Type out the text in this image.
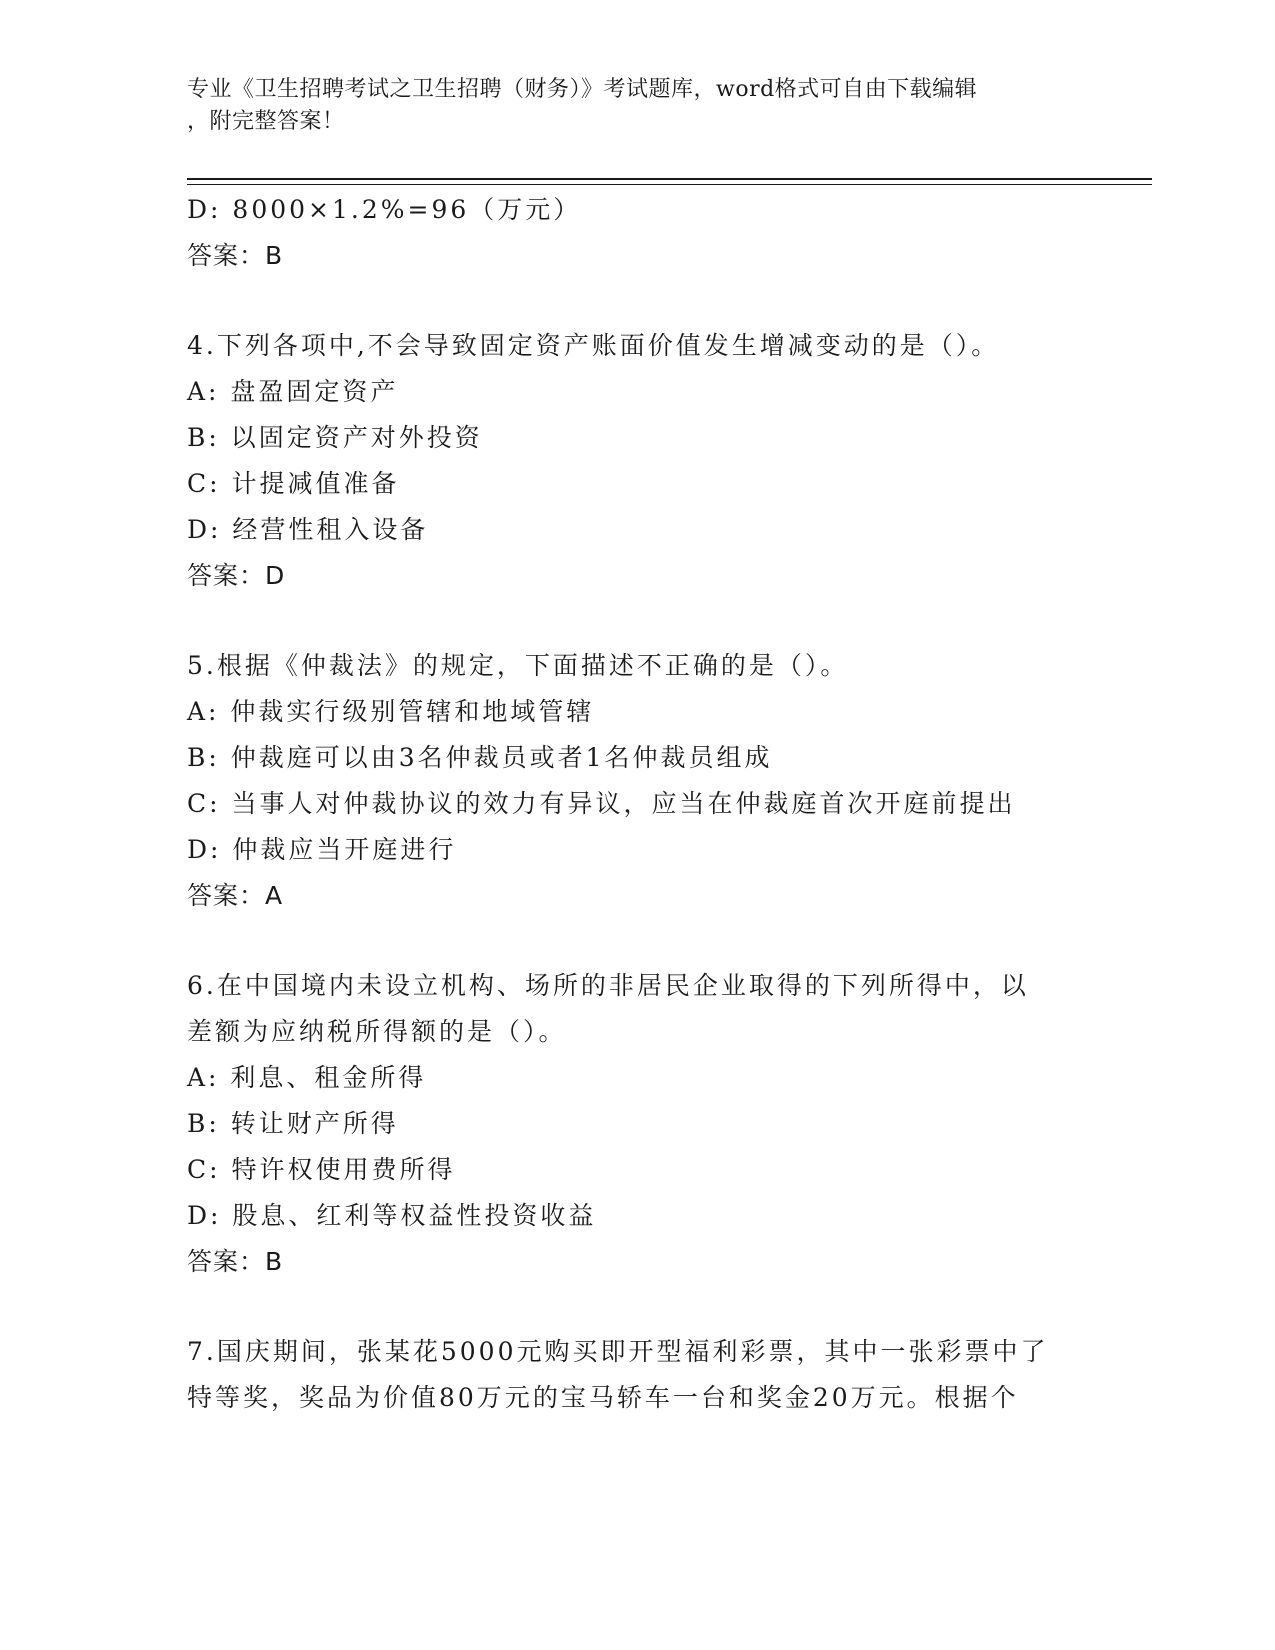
专业《卫生招聘考试之卫生招聘（财务）》考试题库，word格式可自由下载编辑
，附完整答案！
D: 8000×1.2%=96（万元）
答案：B
4.下列各项中,不会导致固定资产账面价值发生增减变动的是（）。
A: 盘盈固定资产
B: 以固定资产对外投资
C: 计提减值准备
D: 经营性租入设备
答案：D
5.根据《仲裁法》的规定，下面描述不正确的是（）。
A: 仲裁实行级别管辖和地域管辖
B: 仲裁庭可以由3名仲裁员或者1名仲裁员组成
C: 当事人对仲裁协议的效力有异议，应当在仲裁庭首次开庭前提出
D: 仲裁应当开庭进行
答案：A
6.在中国境内未设立机构、场所的非居民企业取得的下列所得中，以
差额为应纳税所得额的是（）。
A: 利息、租金所得
B: 转让财产所得
C: 特许权使用费所得
D: 股息、红利等权益性投资收益
答案：B
7.国庆期间，张某花5000元购买即开型福利彩票，其中一张彩票中了
特等奖，奖品为价值80万元的宝马轿车一台和奖金20万元。根据个
